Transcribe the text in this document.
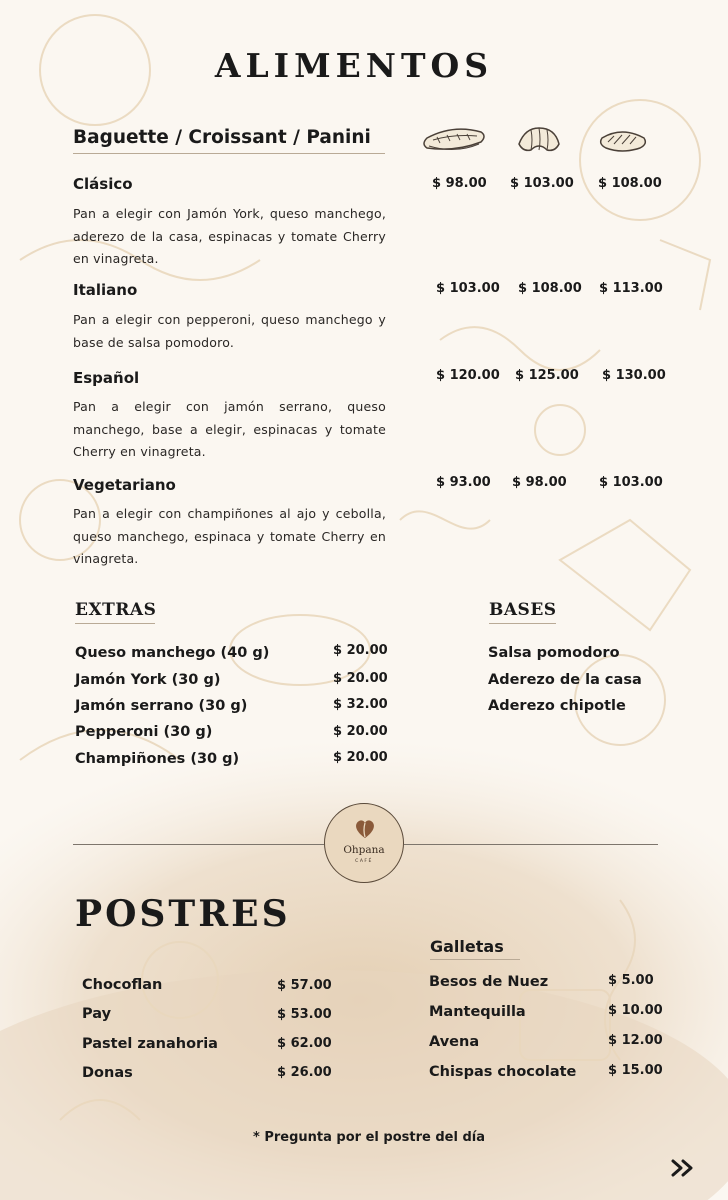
ALIMENTOS
Baguette / Croissant / Panini
Clásico
Pan a elegir con Jamón York, queso manchego, aderezo de la casa, espinacas y tomate Cherry en vinagreta.
$ 98.00 $ 103.00 $ 108.00
Italiano
Pan a elegir con pepperoni, queso manchego y base de salsa pomodoro.
$ 103.00 $ 108.00 $ 113.00
Español
Pan a elegir con jamón serrano, queso manchego, base a elegir, espinacas y tomate Cherry en vinagreta.
$ 120.00 $ 125.00 $ 130.00
Vegetariano
Pan a elegir con champiñones al ajo y cebolla, queso manchego, espinaca y tomate Cherry en vinagreta.
$ 93.00 $ 98.00 $ 103.00
EXTRAS
Queso manchego (40 g)	$ 20.00
Jamón York (30 g)	$ 20.00
Jamón serrano (30 g)	$ 32.00
Pepperoni (30 g)	$ 20.00
Champiñones (30 g)	$ 20.00
BASES
Salsa pomodoro
Aderezo de la casa
Aderezo chipotle
Ohpana
CAFÉ
POSTRES
Chocoflan	$ 57.00
Pay	$ 53.00
Pastel zanahoria	$ 62.00
Donas	$ 26.00
Galletas
Besos de Nuez	$ 5.00
Mantequilla	$ 10.00
Avena	$ 12.00
Chispas chocolate $ 15.00
* Pregunta por el postre del día
